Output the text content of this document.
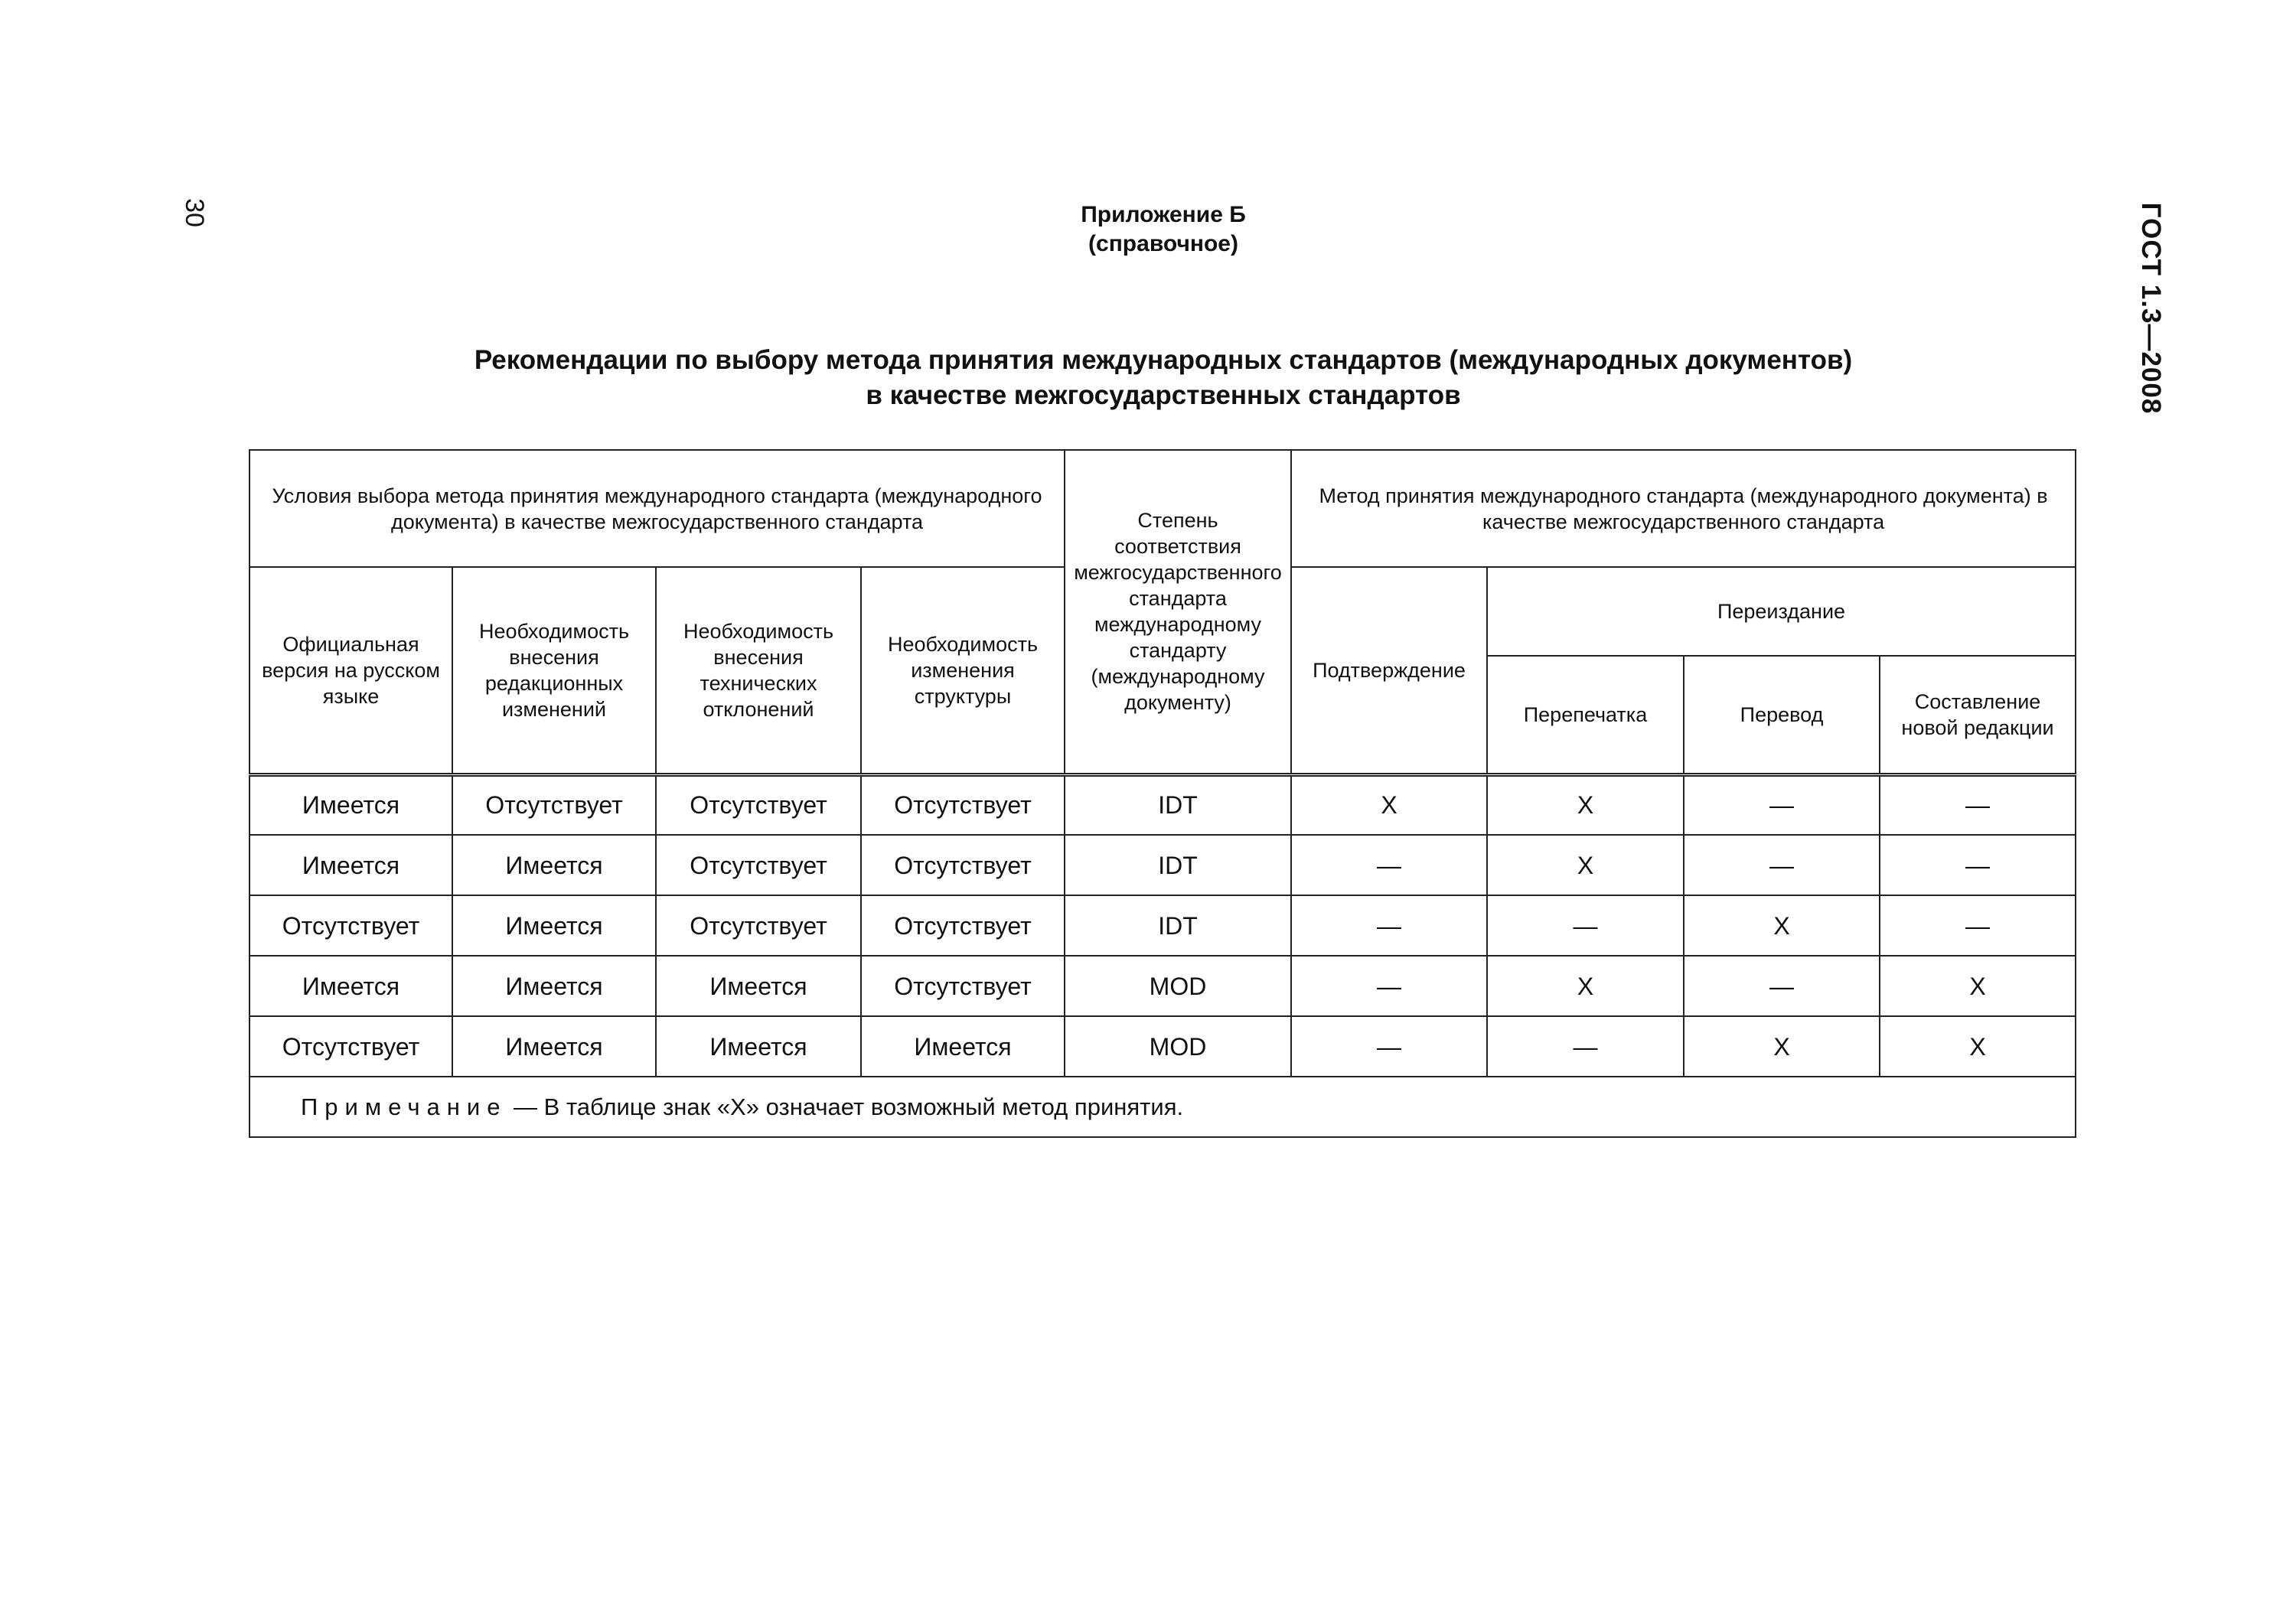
30	ГОСТ 1.3—2008
Приложение Б
(справочное)
Рекомендации по выбору метода принятия международных стандартов (международных документов)
в качестве межгосударственных стандартов
Условия выбора метода принятия международного стандарта (международного документа) в качестве межгосударственного стандарта				Степень соответствия межгосударственного стандарта международному стандарту (международному документу)	Метод принятия международного стандарта (международного документа) в качестве межгосударственного стандарта			
Официальная версия на русском языке	Необходимость внесения редакционных изменений	Необходимость внесения технических отклонений	Необходимость изменения структуры		Подтверждение	Переиздание		
						Перепечатка	Перевод	Составление новой редакции
Имеется	Отсутствует	Отсутствует	Отсутствует	IDT	X	X	—	—
Имеется	Имеется	Отсутствует	Отсутствует	IDT	—	X	—	—
Отсутствует	Имеется	Отсутствует	Отсутствует	IDT	—	—	X	—
Имеется	Имеется	Имеется	Отсутствует	MOD	—	X	—	X
Отсутствует	Имеется	Имеется	Имеется	MOD	—	—	X	X
Примечание — В таблице знак «X» означает возможный метод принятия.								
